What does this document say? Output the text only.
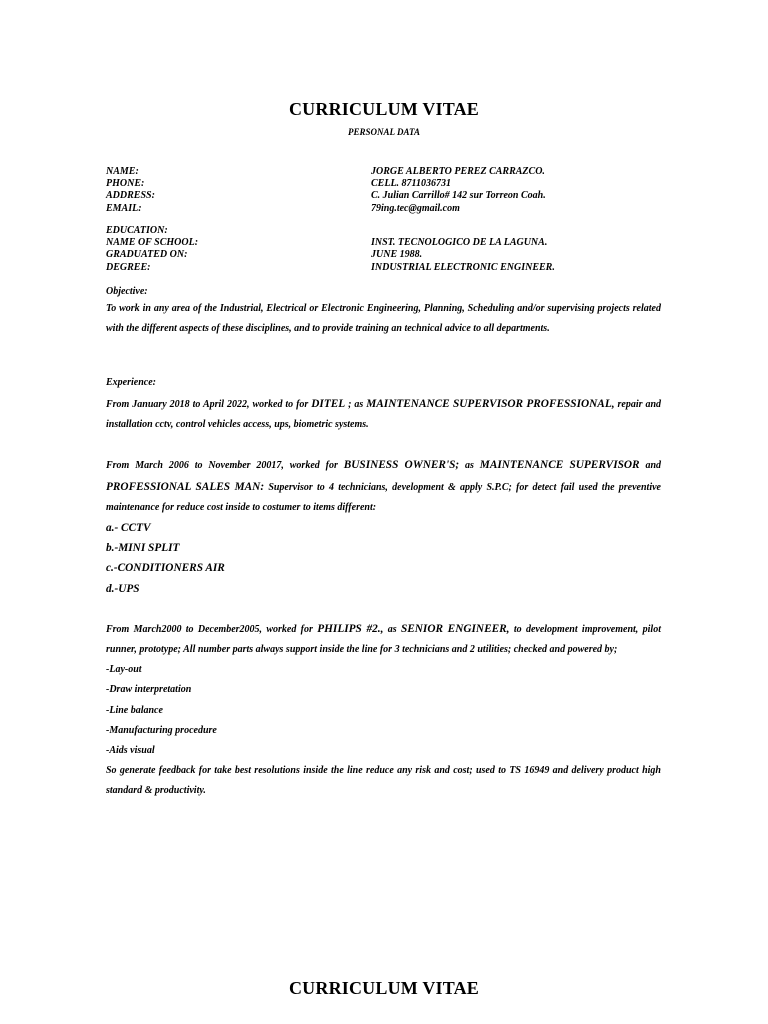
CURRICULUM VITAE
PERSONAL DATA
NAME:	JORGE ALBERTO PEREZ CARRAZCO.
PHONE:	CELL. 8711036731
ADDRESS:	C. Julian Carrillo# 142 sur Torreon Coah.
EMAIL:	79ing.tec@gmail.com
EDUCATION:
NAME OF SCHOOL:	INST. TECNOLOGICO DE LA LAGUNA.
GRADUATED ON:	JUNE 1988.
DEGREE:	INDUSTRIAL ELECTRONIC ENGINEER.

Objective:

To work in any area of the Industrial, Electrical or Electronic Engineering, Planning, Scheduling and/or supervising projects related with the different aspects of these disciplines, and to provide training an technical advice to all departments.

Experience:

From January 2018 to April 2022, worked to for DITEL ; as MAINTENANCE SUPERVISOR PROFESSIONAL, repair and installation cctv, control vehicles access, ups, biometric systems.

From March 2006 to November 20017, worked for BUSINESS OWNER'S; as MAINTENANCE SUPERVISOR and PROFESSIONAL SALES MAN: Supervisor to 4 technicians, development & apply S.P.C; for detect fail used the preventive maintenance for reduce cost inside to costumer to items different:

a.- CCTV

b.-MINI SPLIT

c.-CONDITIONERS AIR

d.-UPS

From March2000 to December2005, worked for PHILIPS #2., as SENIOR ENGINEER, to development improvement, pilot runner, prototype; All number parts always support inside the line for 3 technicians and 2 utilities; checked and powered by;

-Lay-out

-Draw interpretation

-Line balance

-Manufacturing procedure

-Aids visual

So generate feedback for take best resolutions inside the line reduce any risk and cost; used to TS 16949 and delivery product high standard & productivity.

CURRICULUM VITAE
